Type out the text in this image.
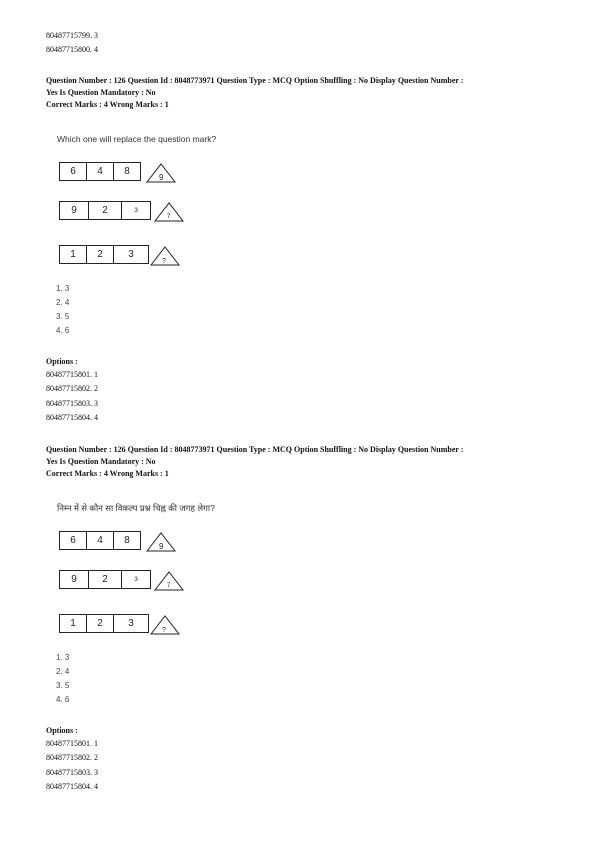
80487715799. 3
80487715800. 4
Question Number : 126 Question Id : 8048773971 Question Type : MCQ Option Shuffling : No Display Question Number :
Yes Is Question Mandatory : No
Correct Marks : 4 Wrong Marks : 1
Which one will replace the question mark?
6	4	8
9
9	2	3
7
1	2	3
?
1. 3
2. 4
3. 5
4. 6
Options :
80487715801. 1
80487715802. 2
80487715803. 3
80487715804. 4
Question Number : 126 Question Id : 8048773971 Question Type : MCQ Option Shuffling : No Display Question Number :
Yes Is Question Mandatory : No
Correct Marks : 4 Wrong Marks : 1
निम्न में से कौन सा विकल्प प्रश्न चिह्न की जगह लेगा?
6	4	8
9
9	2	3
7
1	2	3
?
1. 3
2. 4
3. 5
4. 6
Options :
80487715801. 1
80487715802. 2
80487715803. 3
80487715804. 4
